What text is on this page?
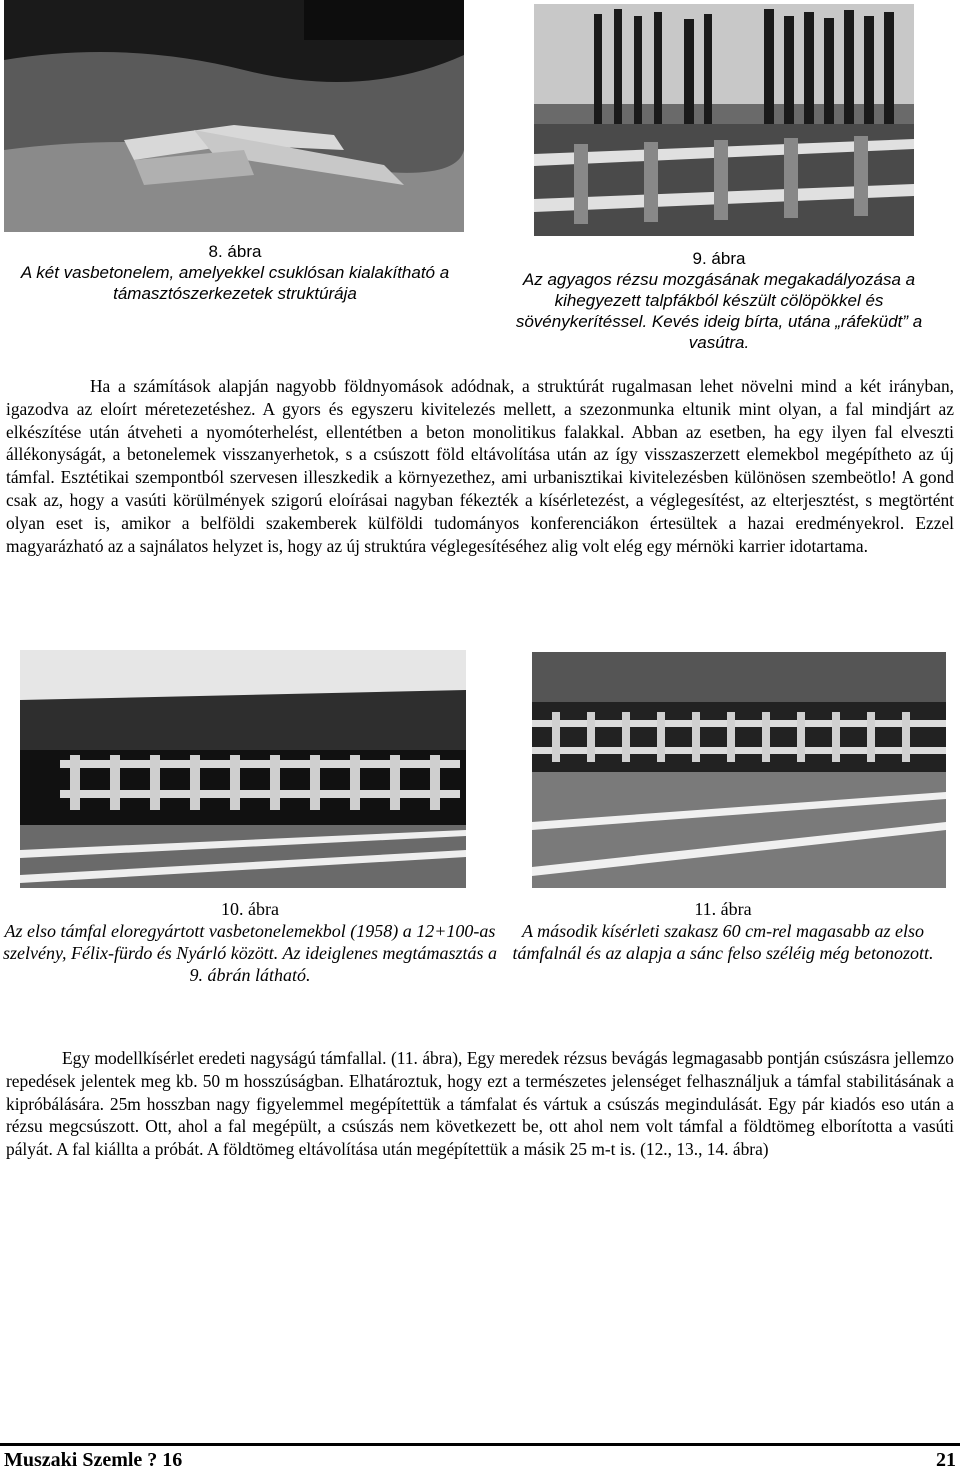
8. ábra
A két vasbetonelem, amelyekkel csuklósan kialakítható a támasztószerkezetek struktúrája
9. ábra
Az agyagos rézsu mozgásának megakadályozása a kihegyezett talpfákból készült cölöpökkel és sövénykerítéssel. Kevés ideig bírta, utána „ráfeküdt” a vasútra.

Ha a számítások alapján nagyobb földnyomások adódnak, a struktúrát rugalmasan lehet növelni mind a két irányban, igazodva az eloírt méretezetéshez. A gyors és egyszeru kivitelezés mellett, a szezonmunka eltunik mint olyan, a fal mindjárt az elkészítése után átveheti a nyomóterhelést, ellentétben a beton monolitikus falakkal. Abban az esetben, ha egy ilyen fal elveszti állékonyságát, a betonelemek visszanyerhetok, s a csúszott föld eltávolítása után az így visszaszerzett elemekbol megépítheto az új támfal. Esztétikai szempontból szervesen illeszkedik a környezethez, ami urbanisztikai kivitelezésben különösen szembeötlo! A gond csak az, hogy a vasúti körülmények szigorú eloírásai nagyban fékezték a kísérletezést, a véglegesítést, az elterjesztést, s megtörtént olyan eset is, amikor a belföldi szakemberek külföldi tudományos konferenciákon értesültek a hazai eredményekrol. Ezzel magyarázható az a sajnálatos helyzet is, hogy az új struktúra véglegesítéséhez alig volt elég egy mérnöki karrier idotartama.

10. ábra
Az elso támfal eloregyártott vasbetonelemekbol (1958) a 12+100-as szelvény, Félix-fürdo és Nyárló között. Az ideiglenes megtámasztás a 9. ábrán látható.
11. ábra
A második kísérleti szakasz 60 cm-rel magasabb az elso támfalnál és az alapja a sánc felso széléig még betonozott.

Egy modellkísérlet eredeti nagyságú támfallal. (11. ábra), Egy meredek rézsus bevágás legmagasabb pontján csúszásra jellemzo repedések jelentek meg kb. 50 m hosszúságban. Elhatároztuk, hogy ezt a természetes jelenséget felhasználjuk a támfal stabilitásának a kipróbálására. 25m hosszban nagy figyelemmel megépítettük a támfalat és vártuk a csúszás megindulását. Egy pár kiadós eso után a rézsu megcsúszott. Ott, ahol a fal megépült, a csúszás nem következett be, ott ahol nem volt támfal a földtömeg elborította a vasúti pályát. A fal kiállta a próbát. A földtömeg eltávolítása után megépítettük a másik 25 m-t is. (12., 13., 14. ábra)

Muszaki Szemle ? 16	21
